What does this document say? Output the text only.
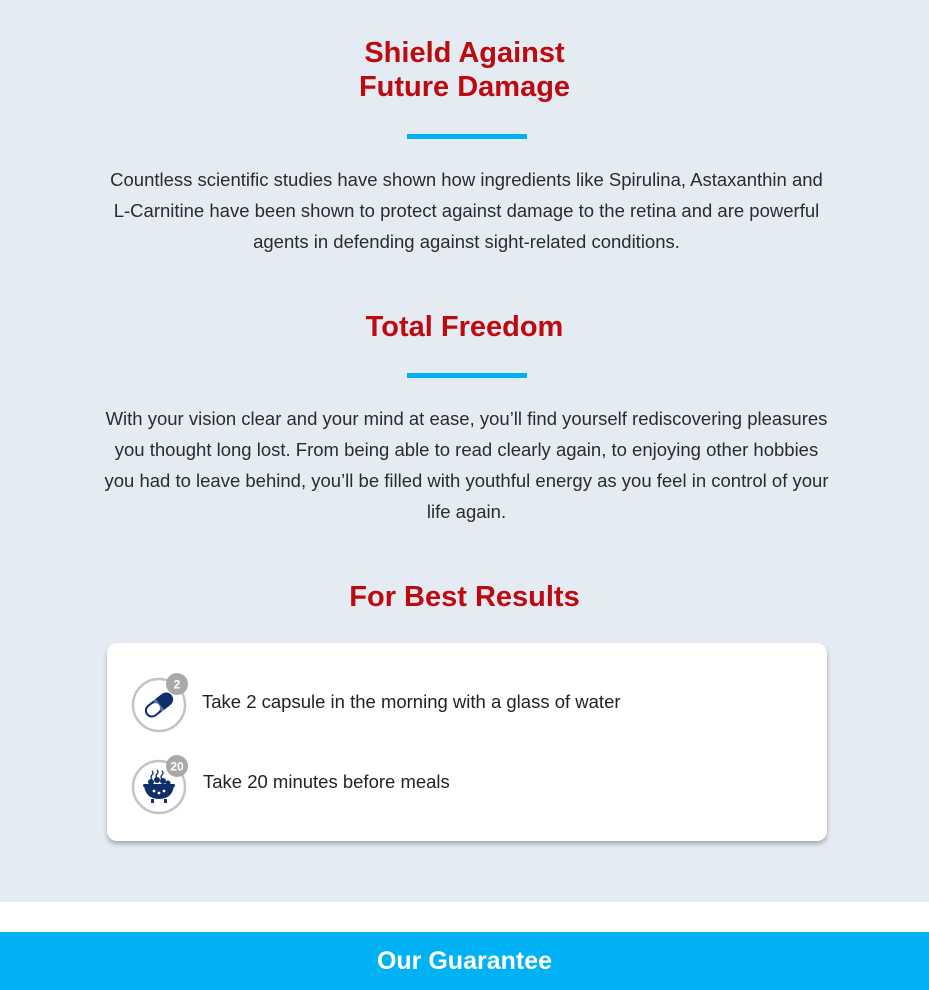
Shield Against
Future Damage

Countless scientific studies have shown how ingredients like Spirulina, Astaxanthin and L-Carnitine have been shown to protect against damage to the retina and are powerful agents in defending against sight-related conditions.

Total Freedom

With your vision clear and your mind at ease, you’ll find yourself rediscovering pleasures you thought long lost. From being able to read clearly again, to enjoying other hobbies you had to leave behind, you’ll be filled with youthful energy as you feel in control of your life again.

For Best Results
2
Take 2 capsule in the morning with a glass of water
20
Take 20 minutes before meals
Our Guarantee
